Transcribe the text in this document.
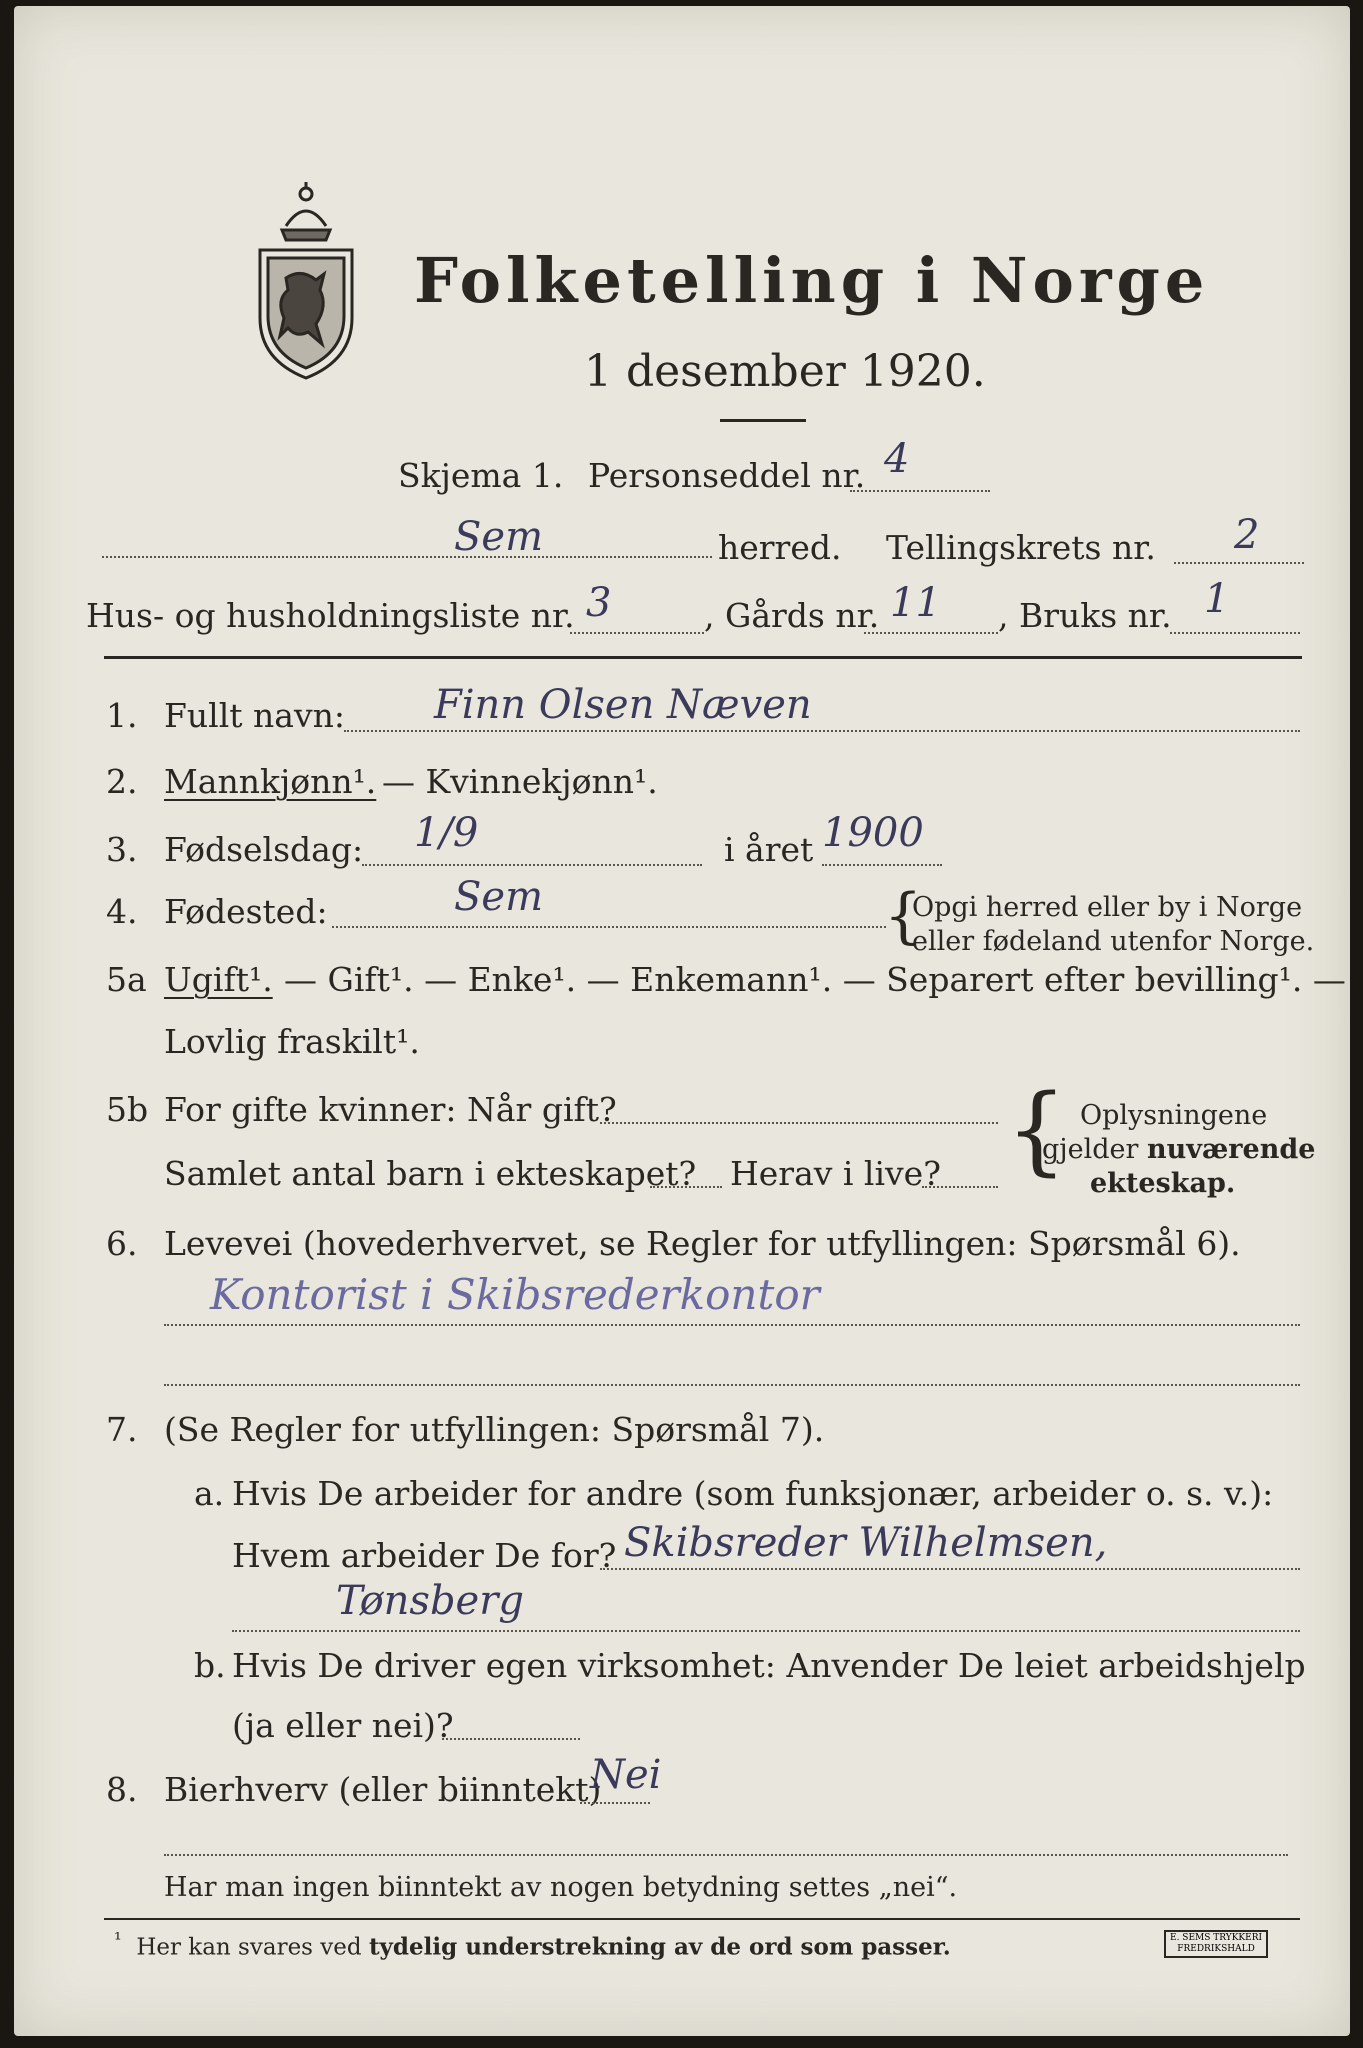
Folketelling i Norge
1 desember 1920.
Skjema 1. Personseddel nr. 4
Sem	herred. Tellingskrets nr. 2
Hus- og husholdningsliste nr. 3	, Gårds nr. 11 , Bruks nr. 1
1. Fullt navn: Finn Olsen Næven
2. Mannkjønn¹. — Kvinnekjønn¹.
3. Fødselsdag: 1/9	i året 1900
4. Fødested:	Sem	{
Opgi herred eller by i Norge
eller fødeland utenfor Norge.
5a Ugift¹. — Gift¹. — Enke¹. — Enkemann¹. — Separert efter bevilling¹. —
Lovlig fraskilt¹.
5b For gifte kvinner: Når gift?
Samlet antal barn i ekteskapet? Herav i live? { Oplysningene
gjelder nuværende
ekteskap.
6. Levevei (hovederhvervet, se Regler for utfyllingen: Spørsmål 6).
Kontorist i Skibsrederkontor
7. (Se Regler for utfyllingen: Spørsmål 7).
a. Hvis De arbeider for andre (som funksjonær, arbeider o. s. v.):
Hvem arbeider De for? Skibsreder Wilhelmsen,
Tønsberg
b. Hvis De driver egen virksomhet: Anvender De leiet arbeidshjelp
(ja eller nei)?
8. Bierhverv (eller biinntekt)
Nei
Har man ingen biinntekt av nogen betydning settes „nei“.
$^{^1}$ Her kan svares ved tydelig understrekning av de ord som passer.	E. SEMS TRYKKERI
FREDRIKSHALD
